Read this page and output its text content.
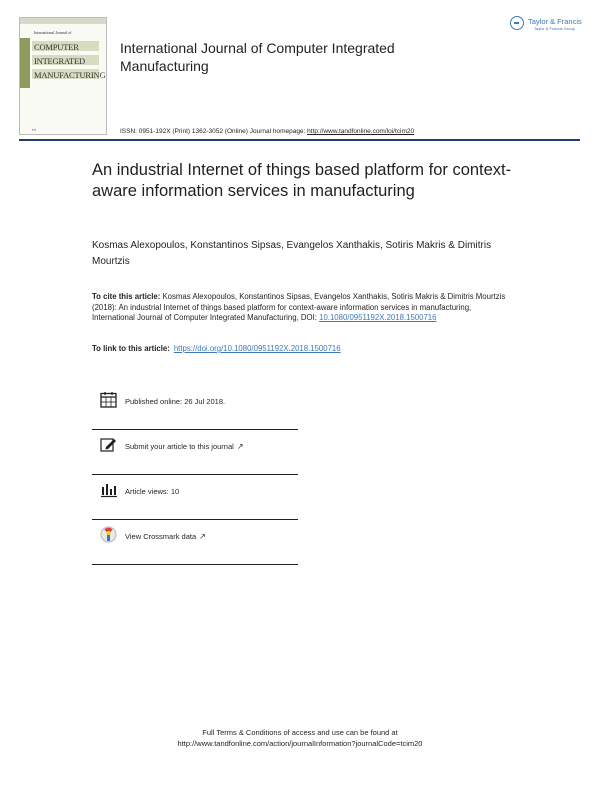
International Journal of
COMPUTER
INTEGRATED
MANUFACTURING
▪▪▪
International Journal of Computer Integrated Manufacturing
Taylor & Francis
Taylor & Francis Group
ISSN: 0951-192X (Print) 1362-3052 (Online) Journal homepage: http://www.tandfonline.com/loi/tcim20
An industrial Internet of things based platform for context-aware information services in manufacturing
Kosmas Alexopoulos, Konstantinos Sipsas, Evangelos Xanthakis, Sotiris Makris & Dimitris Mourtzis
To cite this article: Kosmas Alexopoulos, Konstantinos Sipsas, Evangelos Xanthakis, Sotiris Makris & Dimitris Mourtzis (2018): An industrial Internet of things based platform for context-aware information services in manufacturing, International Journal of Computer Integrated Manufacturing, DOI: 10.1080/0951192X.2018.1500716
To link to this article: https://doi.org/10.1080/0951192X.2018.1500716
Published online: 26 Jul 2018.
Submit your article to this journal ↗
Article views: 10
View Crossmark data ↗
Full Terms & Conditions of access and use can be found at
http://www.tandfonline.com/action/journalInformation?journalCode=tcim20
